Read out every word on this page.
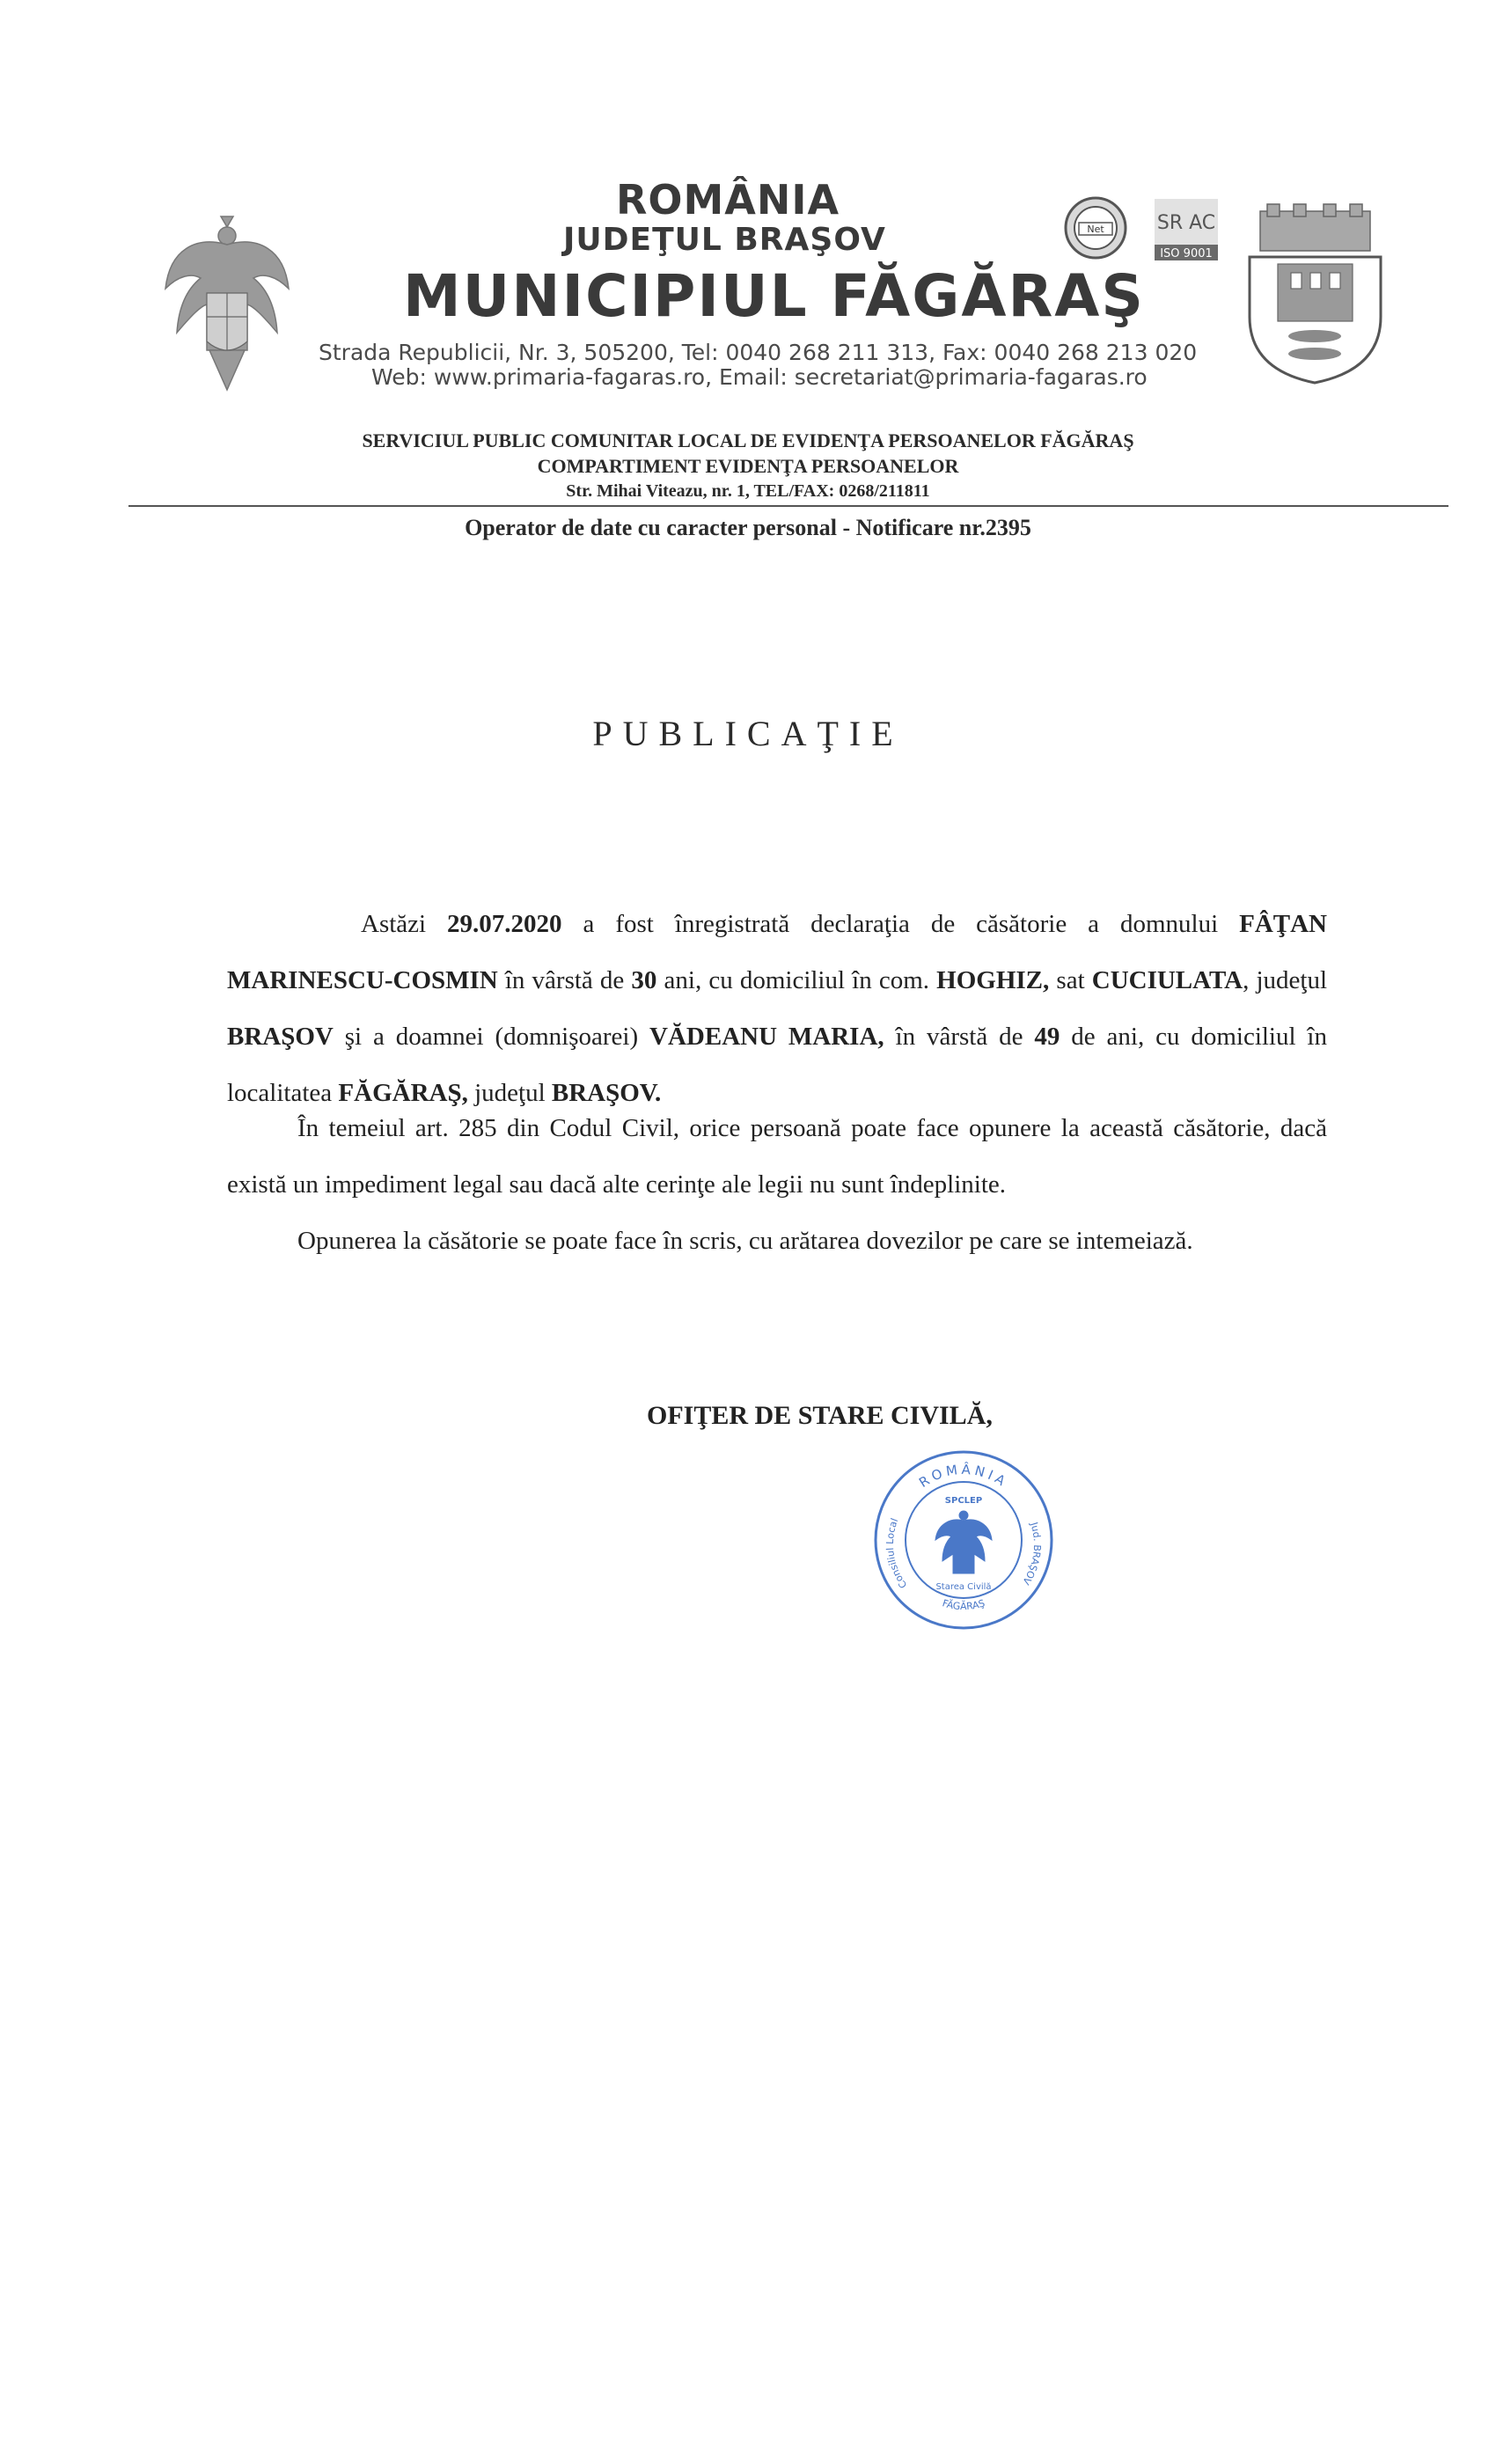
ROMÂNIA
JUDEŢUL BRAŞOV
MUNICIPIUL FĂGĂRAŞ
Strada Republicii, Nr. 3, 505200, Tel: 0040 268 211 313, Fax: 0040 268 213 020
Web: www.primaria-fagaras.ro, Email: secretariat@primaria-fagaras.ro
Net	SR AC
ISO 9001
SERVICIUL PUBLIC COMUNITAR LOCAL DE EVIDENŢA PERSOANELOR FĂGĂRAŞ
COMPARTIMENT EVIDENŢA PERSOANELOR
Str. Mihai Viteazu, nr. 1, TEL/FAX: 0268/211811
Operator de date cu caracter personal - Notificare nr.2395
PUBLICAŢIE
Astăzi 29.07.2020 a fost înregistrată declaraţia de căsătorie a domnului FÂŢAN MARINESCU-COSMIN în vârstă de 30 ani, cu domiciliul în com. HOGHIZ, sat CUCIULATA, judeţul BRAŞOV şi a doamnei (domnişoarei) VĂDEANU MARIA, în vârstă de 49 de ani, cu domiciliul în localitatea FĂGĂRAŞ, judeţul BRAŞOV.
În temeiul art. 285 din Codul Civil, orice persoană poate face opunere la această căsătorie, dacă există un impediment legal sau dacă alte cerinţe ale legii nu sunt îndeplinite.
Opunerea la căsătorie se poate face în scris, cu arătarea dovezilor pe care se intemeiază.
OFIŢER DE STARE CIVILĂ,
ROMÂNIA
Consiliul Local
Jud. BRAŞOV
FĂGĂRAŞ
SPCLEP
Starea Civilă
